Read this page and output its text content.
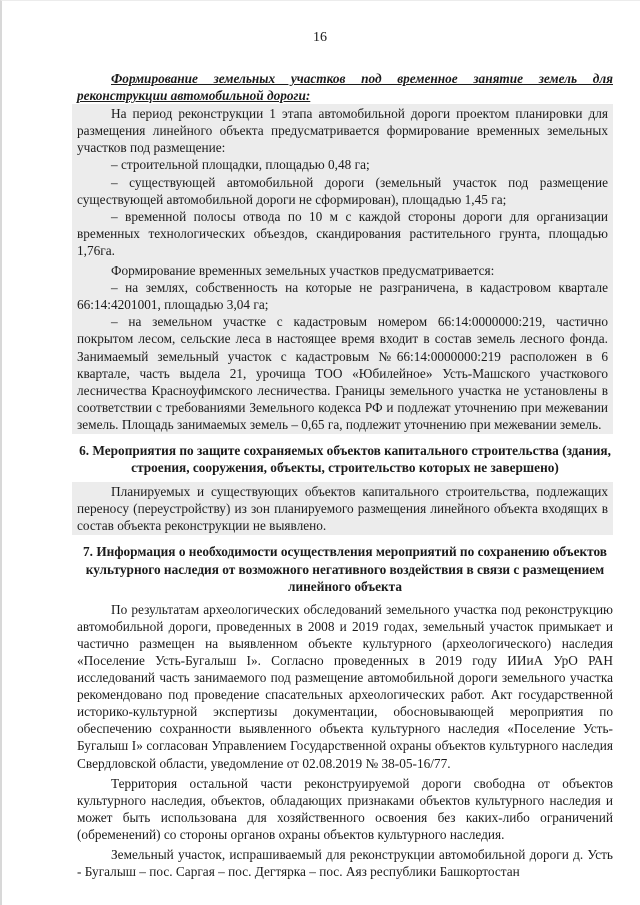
16

Формирование земельных участков под временное занятие земель для реконструкции автомобильной дороги:

На период реконструкции 1 этапа автомобильной дороги проектом планировки для размещения линейного объекта предусматривается формирование временных земельных участков под размещение:

– строительной площадки, площадью 0,48 га;

– существующей автомобильной дороги (земельный участок под размещение существующей автомобильной дороги не сформирован), площадью 1,45 га;

– временной полосы отвода по 10 м с каждой стороны дороги для организации временных технологических объездов, скандирования растительного грунта, площадью 1,76га.

Формирование временных земельных участков предусматривается:

– на землях, собственность на которые не разграничена, в кадастровом квартале 66:14:4201001, площадью 3,04 га;

– на земельном участке с кадастровым номером 66:14:0000000:219, частично покрытом лесом, сельские леса в настоящее время входит в состав земель лесного фонда. Занимаемый земельный участок с кадастровым №66:14:0000000:219 расположен в 6 квартале, часть выдела 21, урочища ТОО «Юбилейное» Усть-Машского участкового лесничества Красноуфимского лесничества. Границы земельного участка не установлены в соответствии с требованиями Земельного кодекса РФ и подлежат уточнению при межевании земель. Площадь занимаемых земель – 0,65 га, подлежит уточнению при межевании земель.

6. Мероприятия по защите сохраняемых объектов капитального строительства (здания, строения, сооружения, объекты, строительство которых не завершено)

Планируемых и существующих объектов капитального строительства, подлежащих переносу (переустройству) из зон планируемого размещения линейного объекта входящих в состав объекта реконструкции не выявлено.

7. Информация о необходимости осуществления мероприятий по сохранению объектов культурного наследия от возможного негативного воздействия в связи с размещением линейного объекта

По результатам археологических обследований земельного участка под реконструкцию автомобильной дороги, проведенных в 2008 и 2019 годах, земельный участок примыкает и частично размещен на выявленном объекте культурного (археологического) наследия «Поселение Усть-Бугалыш I». Согласно проведенных в 2019 году ИИиА УрО РАН исследований часть занимаемого под размещение автомобильной дороги земельного участка рекомендовано под проведение спасательных археологических работ. Акт государственной историко-культурной экспертизы документации, обосновывающей мероприятия по обеспечению сохранности выявленного объекта культурного наследия «Поселение Усть-Бугалыш I» согласован Управлением Государственной охраны объектов культурного наследия Свердловской области, уведомление от 02.08.2019 № 38-05-16/77.

Территория остальной части реконструируемой дороги свободна от объектов культурного наследия, объектов, обладающих признаками объектов культурного наследия и может быть использована для хозяйственного освоения без каких-либо ограничений (обременений) со стороны органов охраны объектов культурного наследия.

Земельный участок, испрашиваемый для реконструкции автомобильной дороги д. Усть - Бугалыш – пос. Саргая – пос. Дегтярка – пос. Аяз республики Башкортостан
